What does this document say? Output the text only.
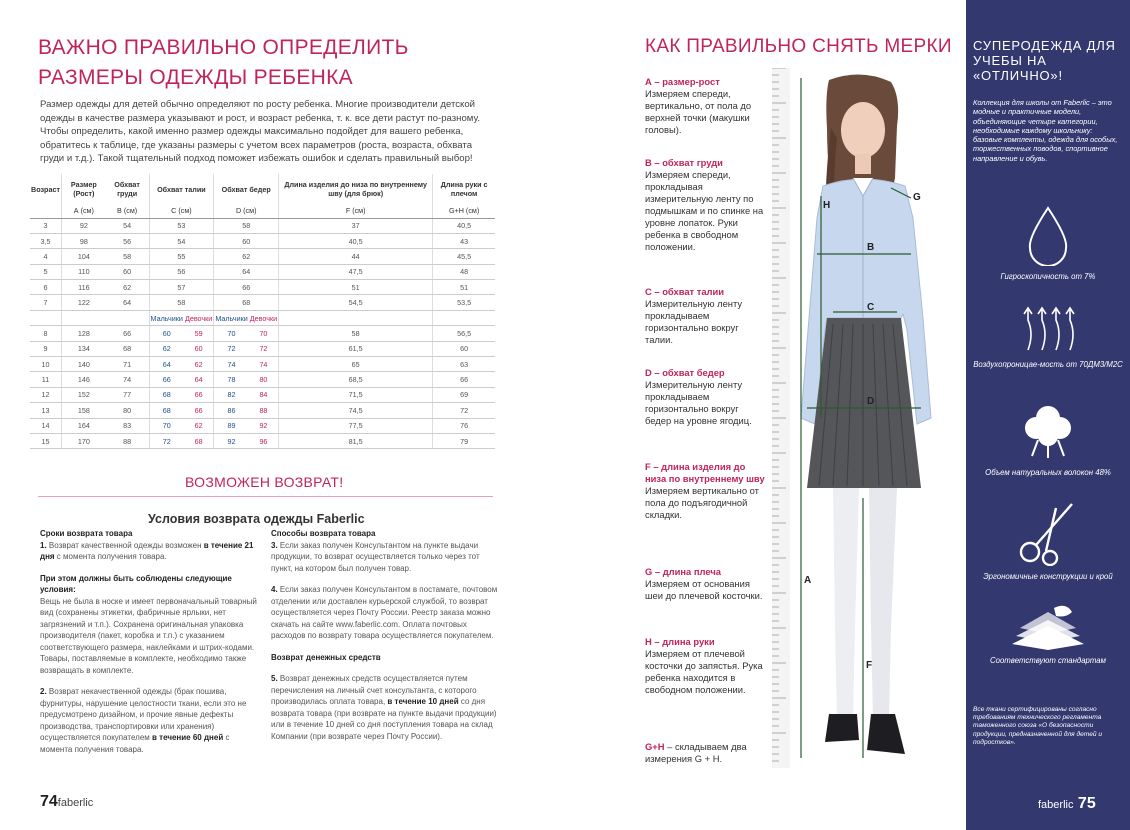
ВАЖНО ПРАВИЛЬНО ОПРЕДЕЛИТЬ
РАЗМЕРЫ ОДЕЖДЫ РЕБЕНКА
Размер одежды для детей обычно определяют по росту ребенка. Многие производители детской одежды в качестве размера указывают и рост, и возраст ребенка, т. к. все дети растут по-разному. Чтобы определить, какой именно размер одежды максимально подойдет для вашего ребенка, обратитесь к таблице, где указаны размеры с учетом всех параметров (роста, возраста, обхвата груди и т.д.). Такой тщательный подход поможет избежать ошибок и сделать правильный выбор!
Возраст	Размер (Рост)	Обхват груди	Обхват талии		Обхват бедер		Длина изделия до низа по внутреннему шву (для брюк)	Длина руки с плечом
	А (см)	В (см)	С (см)		D (см)		F (см)	G+H (см)
3	92	54	53		58		37	40,5
3,5	98	56	54		60		40,5	43
4	104	58	55		62		44	45,5
5	110	60	56		64		47,5	48
6	116	62	57		66		51	51
7	122	64	58		68		54,5	53,5
			Мальчики	Девочки	Мальчики	Девочки		
8	128	66	60	59	70	70	58	56,5
9	134	68	62	60	72	72	61,5	60
10	140	71	64	62	74	74	65	63
11	146	74	66	64	78	80	68,5	66
12	152	77	68	66	82	84	71,5	69
13	158	80	68	66	86	88	74,5	72
14	164	83	70	62	89	92	77,5	76
15	170	88	72	68	92	96	81,5	79
ВОЗМОЖЕН ВОЗВРАТ!
Условия возврата одежды Faberlic
Сроки возврата товара

1. Возврат качественной одежды возможен в течение 21 дня с момента получения товара.

При этом должны быть соблюдены следующие условия:

Вещь не была в носке и имеет первоначальный товарный вид (сохранены этикетки, фабричные ярлыки, нет загрязнений и т.п.). Сохранена оригинальная упаковка производителя (пакет, коробка и т.п.) с указанием соответствующего размера, наклейками и штрих-кодами. Товары, поставляемые в комплекте, необходимо также возвращать в комплекте.

2. Возврат некачественной одежды (брак пошива, фурнитуры, нарушение целостности ткани, если это не предусмотрено дизайном, и прочие явные дефекты производства, транспортировки или хранения) осуществляется покупателем в течение 60 дней с момента получения товара.

Способы возврата товара

3. Если заказ получен Консультантом на пункте выдачи продукции, то возврат осуществляется только через тот пункт, на котором был получен товар.

4. Если заказ получен Консультантом в постамате, почтовом отделении или доставлен курьерской службой, то возврат осуществляется через Почту России. Реестр заказа можно скачать на сайте www.faberlic.com. Оплата почтовых расходов по возврату товара осуществляется покупателем.

Возврат денежных средств

5. Возврат денежных средств осуществляется путем перечисления на личный счет консультанта, с которого производилась оплата товара, в течение 10 дней со дня возврата товара (при возврате на пункте выдачи продукции) или в течение 10 дней со дня поступления товара на склад Компании (при возврате через Почту России).

74faberlic
КАК ПРАВИЛЬНО СНЯТЬ МЕРКИ
А – размер-рост
Измеряем спереди, вертикально, от пола до верхней точки (макушки головы).
В – обхват груди
Измеряем спереди, прокладывая измерительную ленту по подмышкам и по спинке на уровне лопаток. Руки ребенка в свободном положении.
С – обхват талии
Измерительную ленту прокладываем горизонтально вокруг талии.
D – обхват бедер
Измерительную ленту прокладываем горизонтально вокруг бедер на уровне ягодиц.
F – длина изделия до низа по внутреннему шву
Измеряем вертикально от пола до подъягодичной складки.
G – длина плеча
Измеряем от основания шеи до плечевой косточки.
H – длина руки
Измеряем от плечевой косточки до запястья. Рука ребенка находится в свободном положении.
G+H – складываем два измерения G + H.
H
G
B
C
D
A
F
СУПЕРОДЕЖДА ДЛЯ УЧЕБЫ НА «ОТЛИЧНО»!
Коллекция для школы от Faberlic – это модные и практичные модели, объединяющие четыре категории, необходимые каждому школьнику: базовые комплекты, одежда для особых, торжественных поводов, спортивное направление и обувь.
Гигроскопичность от 7%
Воздухопроницае-мость от 70ДМ3/М2С
Объем натуральных волокон 48%
Эргономичные конструкции и крой
Соответствуют стандартам
Все ткани сертифицированы согласно требованиям технического регламента таможенного союза «О безопасности продукции, предназначенной для детей и подростков».
faberlic 75
